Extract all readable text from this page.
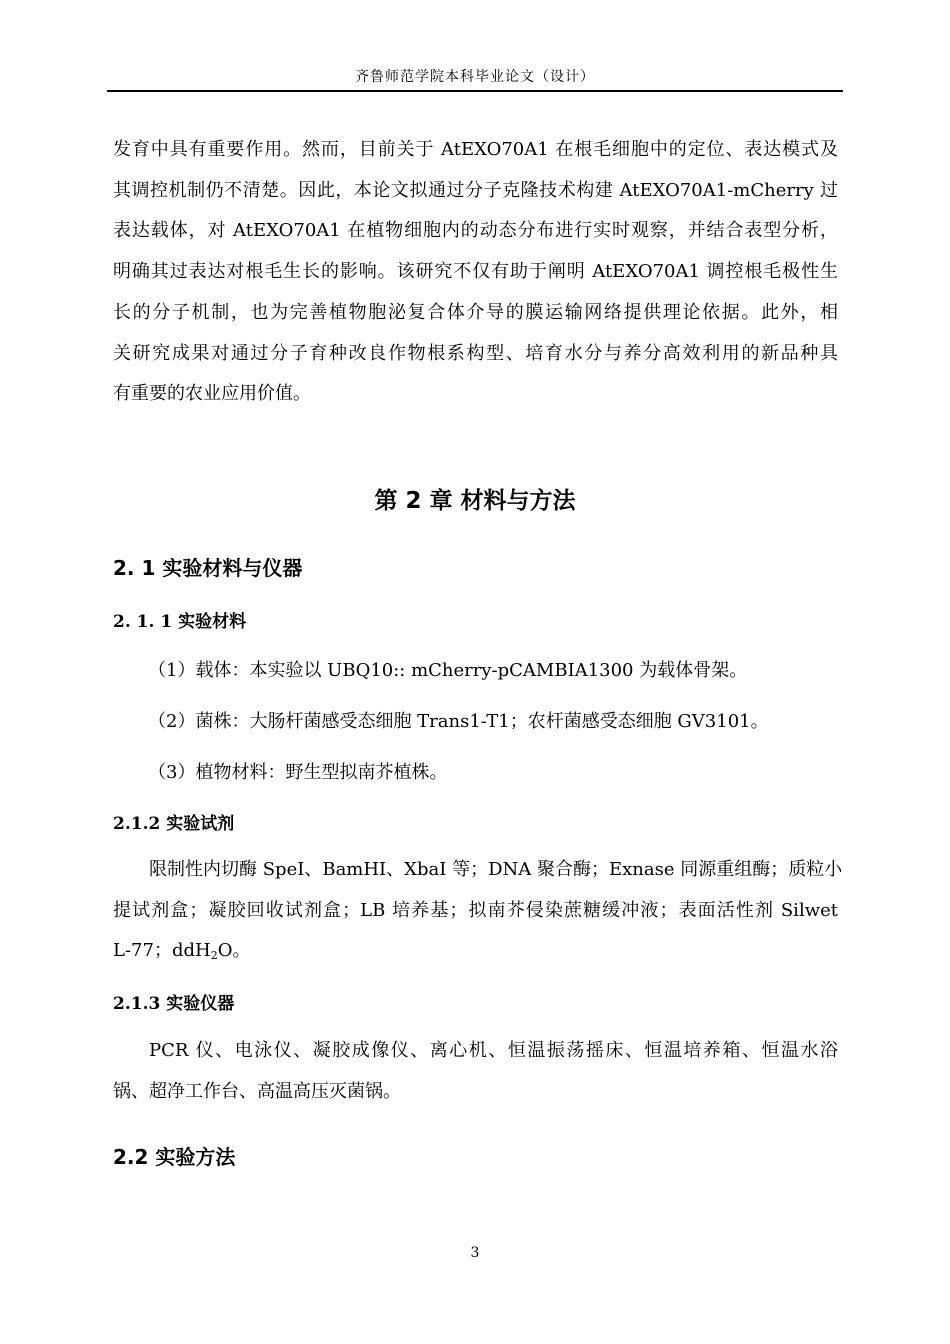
齐鲁师范学院本科毕业论文（设计）
发育中具有重要作用。然而，目前关于 AtEXO70A1 在根毛细胞中的定位、表达模式及
其调控机制仍不清楚。因此，本论文拟通过分子克隆技术构建 AtEXO70A1-mCherry 过
表达载体，对 AtEXO70A1 在植物细胞内的动态分布进行实时观察，并结合表型分析，
明确其过表达对根毛生长的影响。该研究不仅有助于阐明 AtEXO70A1 调控根毛极性生
长的分子机制，也为完善植物胞泌复合体介导的膜运输网络提供理论依据。此外，相
关研究成果对通过分子育种改良作物根系构型、培育水分与养分高效利用的新品种具
有重要的农业应用价值。
第 2 章 材料与方法
2. 1 实验材料与仪器
2. 1. 1 实验材料

（1）载体：本实验以 UBQ10:: mCherry-pCAMBIA1300 为载体骨架。

（2）菌株：大肠杆菌感受态细胞 Trans1-T1；农杆菌感受态细胞 GV3101。

（3）植物材料：野生型拟南芥植株。

2.1.2 实验试剂
限制性内切酶 SpeI、BamHI、XbaI 等；DNA 聚合酶；Exnase 同源重组酶；质粒小
提试剂盒；凝胶回收试剂盒；LB 培养基；拟南芥侵染蔗糖缓冲液；表面活性剂 Silwet
L-77；ddH$_2$O。
2.1.3 实验仪器
PCR 仪、电泳仪、凝胶成像仪、离心机、恒温振荡摇床、恒温培养箱、恒温水浴
锅、超净工作台、高温高压灭菌锅。
2.2 实验方法
3
